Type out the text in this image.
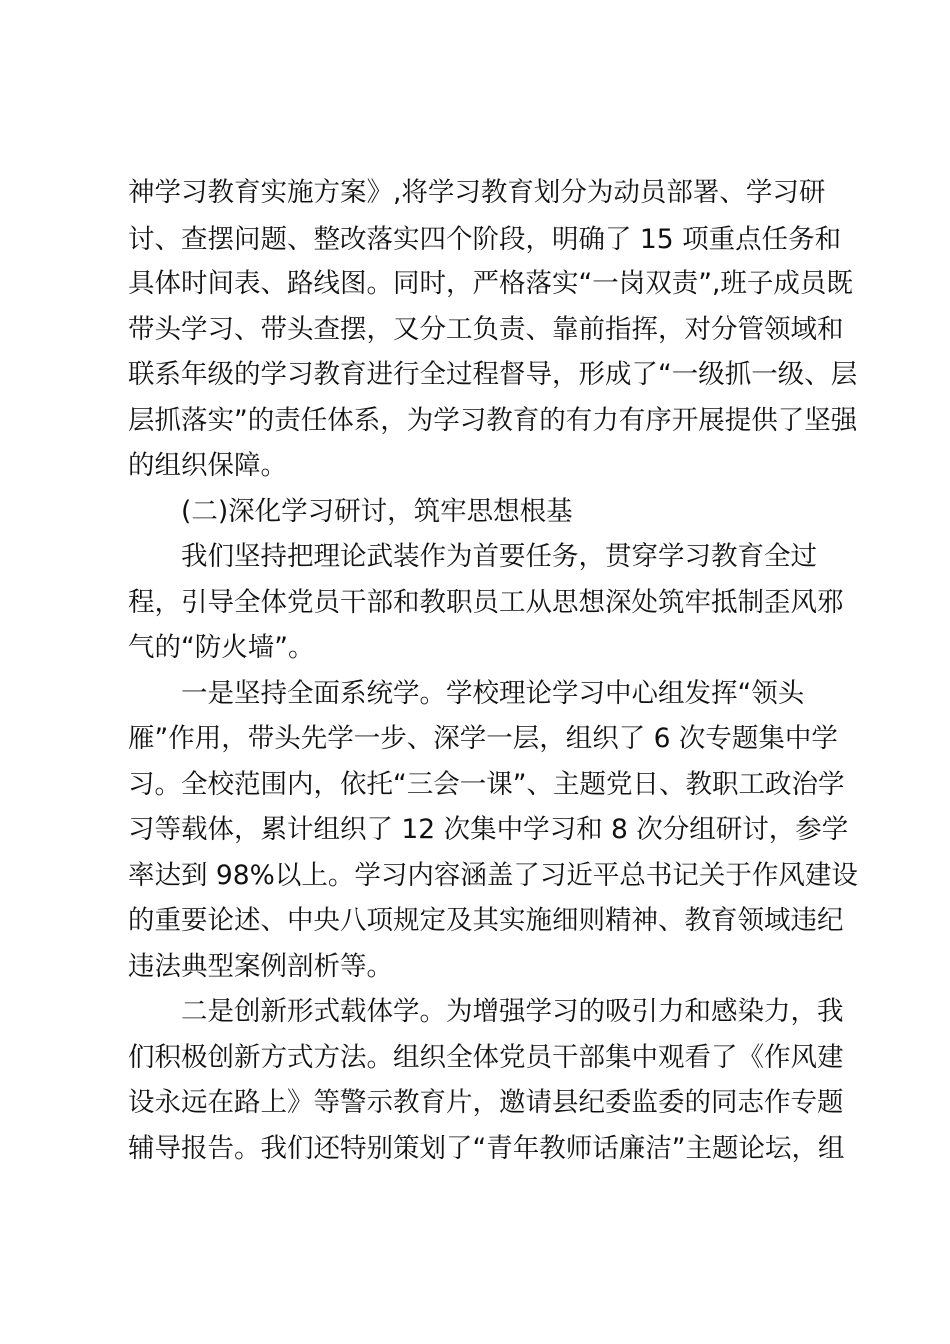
神学习教育实施方案》,将学习教育划分为动员部署、学习研
讨、查摆问题、整改落实四个阶段，明确了 15 项重点任务和
具体时间表、路线图。同时，严格落实“一岗双责”,班子成员既
带头学习、带头查摆，又分工负责、靠前指挥，对分管领域和
联系年级的学习教育进行全过程督导，形成了“一级抓一级、层
层抓落实”的责任体系，为学习教育的有力有序开展提供了坚强
的组织保障。
(二)深化学习研讨，筑牢思想根基
我们坚持把理论武装作为首要任务，贯穿学习教育全过
程，引导全体党员干部和教职员工从思想深处筑牢抵制歪风邪
气的“防火墙”。
一是坚持全面系统学。学校理论学习中心组发挥“领头
雁”作用，带头先学一步、深学一层，组织了 6 次专题集中学
习。全校范围内，依托“三会一课”、主题党日、教职工政治学
习等载体，累计组织了 12 次集中学习和 8 次分组研讨，参学
率达到 98%以上。学习内容涵盖了习近平总书记关于作风建设
的重要论述、中央八项规定及其实施细则精神、教育领域违纪
违法典型案例剖析等。
二是创新形式载体学。为增强学习的吸引力和感染力，我
们积极创新方式方法。组织全体党员干部集中观看了《作风建
设永远在路上》等警示教育片，邀请县纪委监委的同志作专题
辅导报告。我们还特别策划了“青年教师话廉洁”主题论坛，组
